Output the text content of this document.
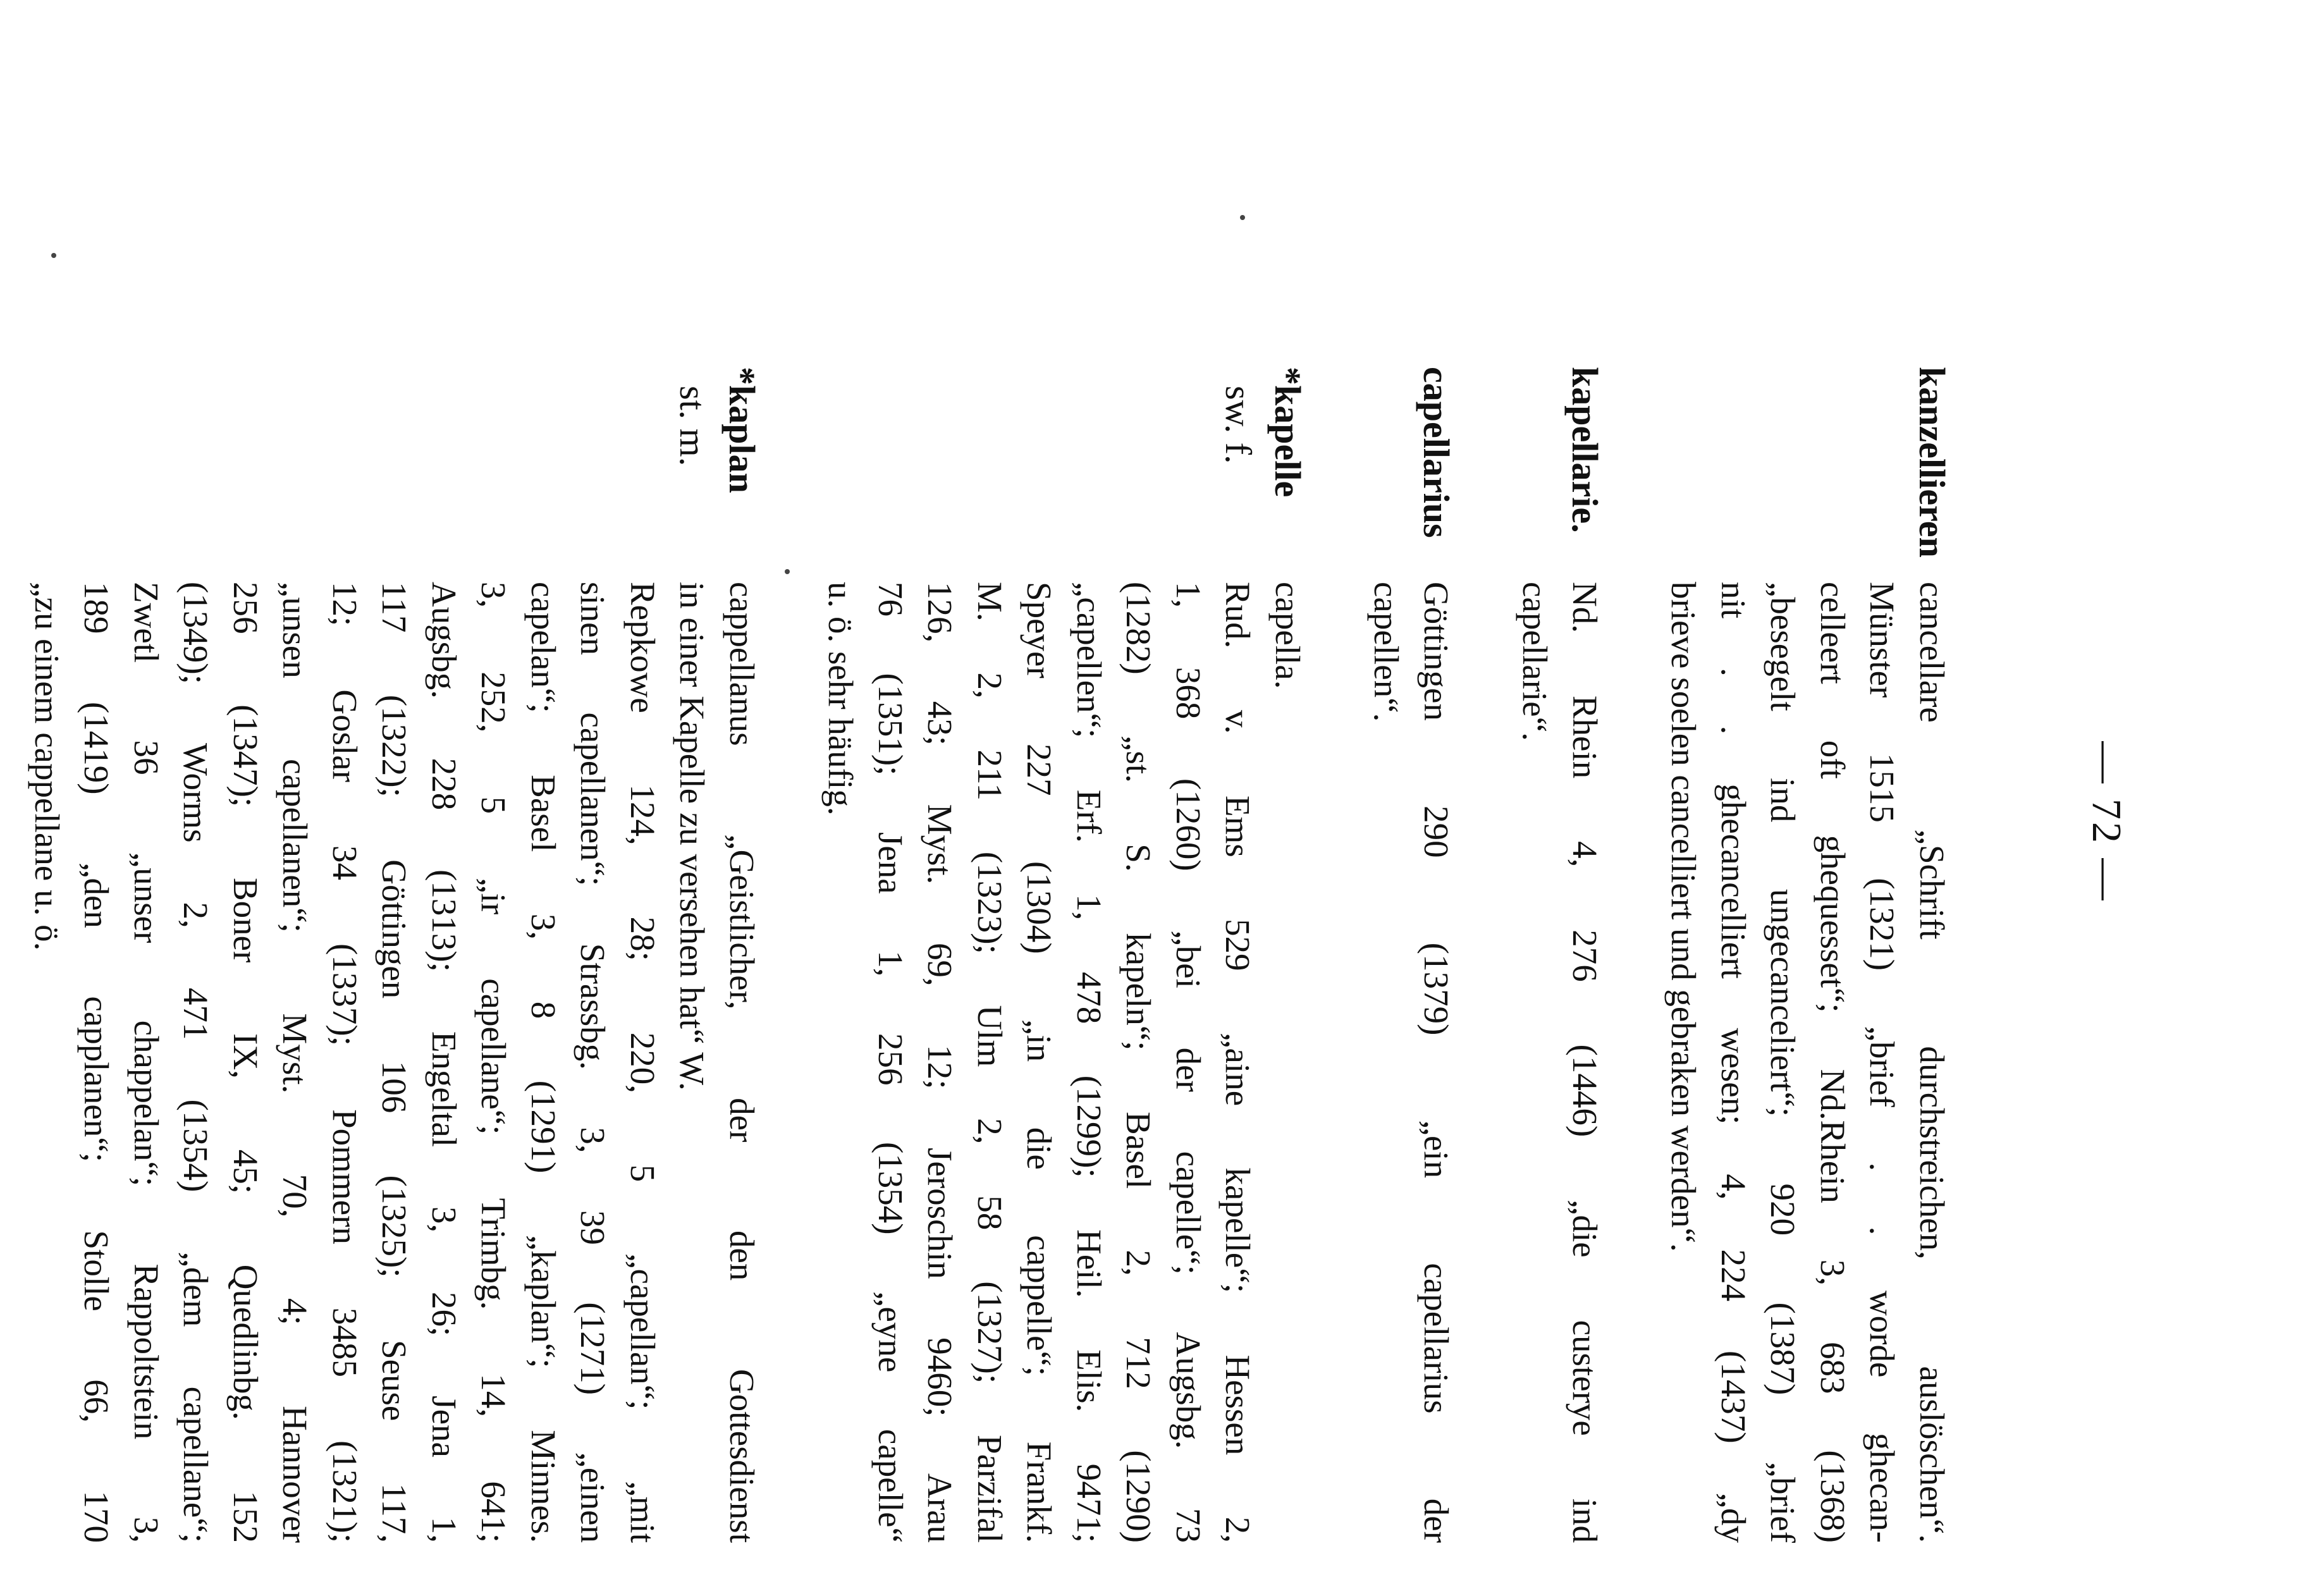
— 72 —
kanzellieren
cancellare „Schrift durchstreichen, auslöschen“.
Münster 1515 (1321) „brief . . worde ghecan-
celleert oft ghequesset“; Nd.Rhein 3, 683 (1368)
„besegelt ind ungecanceliert“; 920 (1387) „brief
nit . . ghecancelliert wesen; 4, 224 (1437) „dy
brieve soelen cancelliert und gebraken werden“.
kapellarie.
Nd. Rhein 4, 276 (1446) „die custerye ind
capellarie“.
capellarius
Göttingen 290 (1379) „ein capellarius der
capellen“.
*kapelle
sw. f.
capella.
Rud. v. Ems 529 „aine kapelle“; Hessen 2,
1, 368 (1260) „bei der capelle“; Augsbg. 73
(1282) „st. S. kapeln“; Basel 2, 712 (1290)
„capellen“; Erf. 1, 478 (1299); Heil. Elis. 9471;
Speyer 227 (1304) „in die cappelle“; Frankf.
M. 2, 211 (1323); Ulm 2, 58 (1327); Parzifal
126, 43; Myst. 69, 12; Jeroschin 9460; Arau
76 (1351); Jena 1, 256 (1354) „eyne capelle“
u. ö. sehr häufig.
*kaplan
st. m.
cappellanus „Geistlicher, der den Gottesdienst
in einer Kapelle zu versehen hat“ W.
Repkowe 124, 28; 220, 5 „capellan“; „mit
sinen capellanen“; Strassbg. 3, 39 (1271) „einen
capelan“; Basel 3, 8 (1291) „kaplan“; Minnes.
3, 252, 5 „ir capellane“; Trimbg. 14, 641;
Augsbg. 228 (1313); Engeltal 3, 26; Jena 1,
117 (1322); Göttingen 106 (1325); Seuse 117,
12; Goslar 34 (1337); Pommern 3485 (1321);
„unsen capellanen“; Myst. 70, 4; Hannover
256 (1347); Boner IX, 45; Quedlinbg. 152
(1349); Worms 2, 471 (1354) „dem capellane“;
Zwetl 36 „unser chappelan“; Rappoltstein 3,
189 (1419) „den capplanen“; Stolle 66, 170
„zu einem cappellane u. ö.
